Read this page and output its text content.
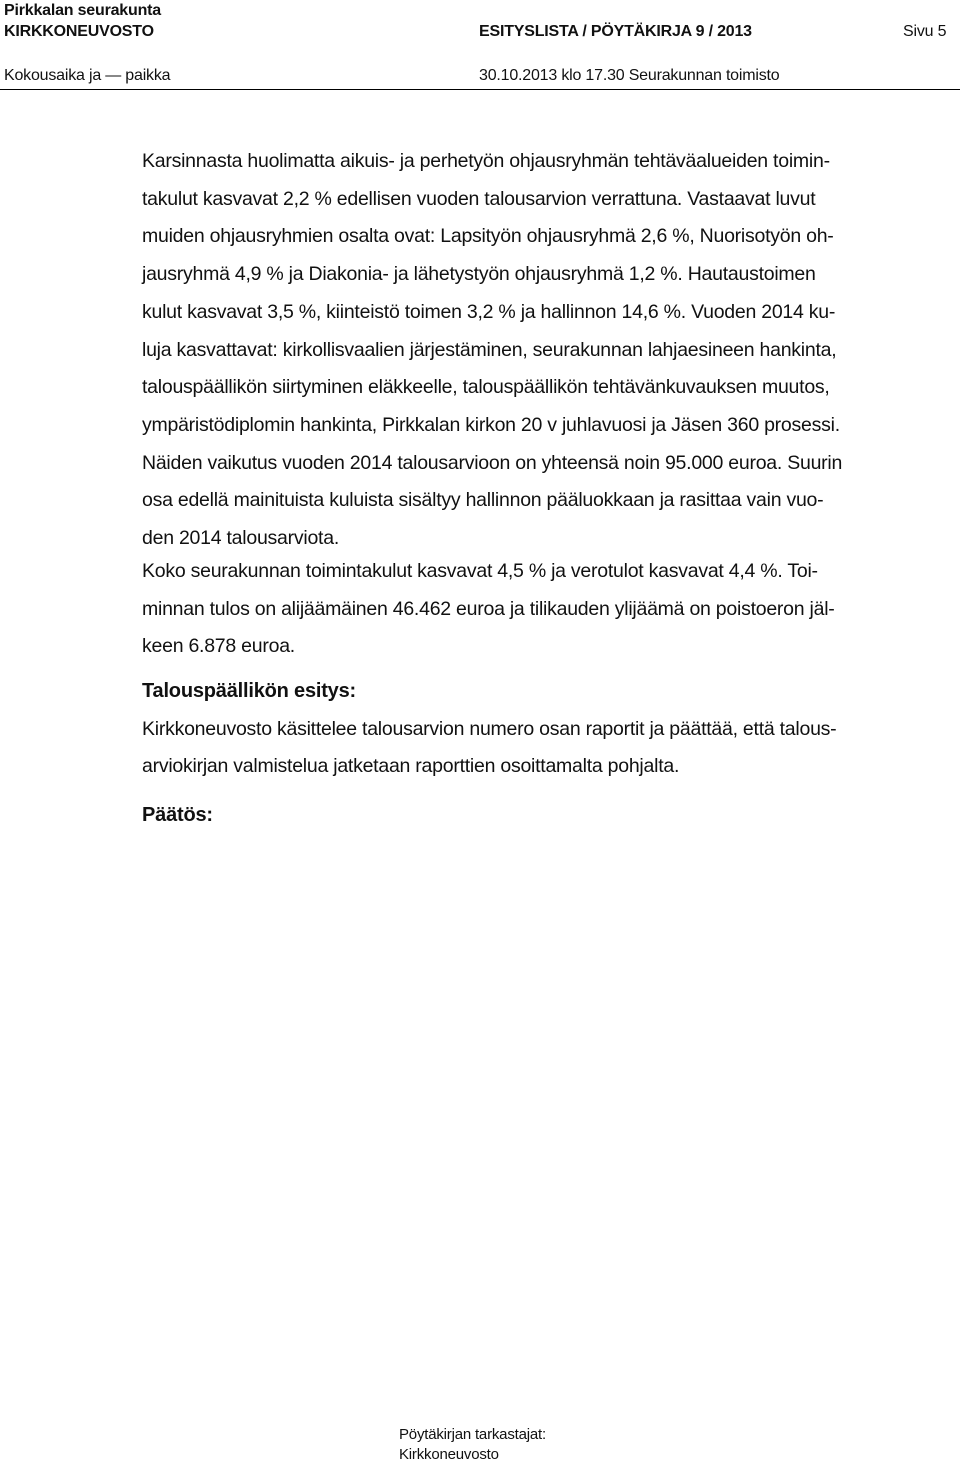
Pirkkalan seurakunta
KIRKKONEUVOSTO	ESITYSLISTA / PÖYTÄKIRJA 9 / 2013	Sivu 5
Kokousaika ja — paikka	30.10.2013 klo 17.30 Seurakunnan toimisto
Karsinnasta huolimatta aikuis- ja perhetyön ohjausryhmän tehtäväalueiden toimin-
takulut kasvavat 2,2 % edellisen vuoden talousarvion verrattuna. Vastaavat luvut
muiden ohjausryhmien osalta ovat: Lapsityön ohjausryhmä 2,6 %, Nuorisotyön oh-
jausryhmä 4,9 % ja Diakonia- ja lähetystyön ohjausryhmä 1,2 %. Hautaustoimen
kulut kasvavat 3,5 %, kiinteistö toimen 3,2 % ja hallinnon 14,6 %. Vuoden 2014 ku-
luja kasvattavat: kirkollisvaalien järjestäminen, seurakunnan lahjaesineen hankinta,
talouspäällikön siirtyminen eläkkeelle, talouspäällikön tehtävänkuvauksen muutos,
ympäristödiplomin hankinta, Pirkkalan kirkon 20 v juhlavuosi ja Jäsen 360 prosessi.
Näiden vaikutus vuoden 2014 talousarvioon on yhteensä noin 95.000 euroa. Suurin
osa edellä mainituista kuluista sisältyy hallinnon pääluokkaan ja rasittaa vain vuo-
den 2014 talousarviota.
Koko seurakunnan toimintakulut kasvavat 4,5 % ja verotulot kasvavat 4,4 %. Toi-
minnan tulos on alijäämäinen 46.462 euroa ja tilikauden ylijäämä on poistoeron jäl-
keen 6.878 euroa.
Talouspäällikön esitys:
Kirkkoneuvosto käsittelee talousarvion numero osan raportit ja päättää, että talous-
arviokirjan valmistelua jatketaan raporttien osoittamalta pohjalta.
Päätös:
Pöytäkirjan tarkastajat:
Kirkkoneuvosto
